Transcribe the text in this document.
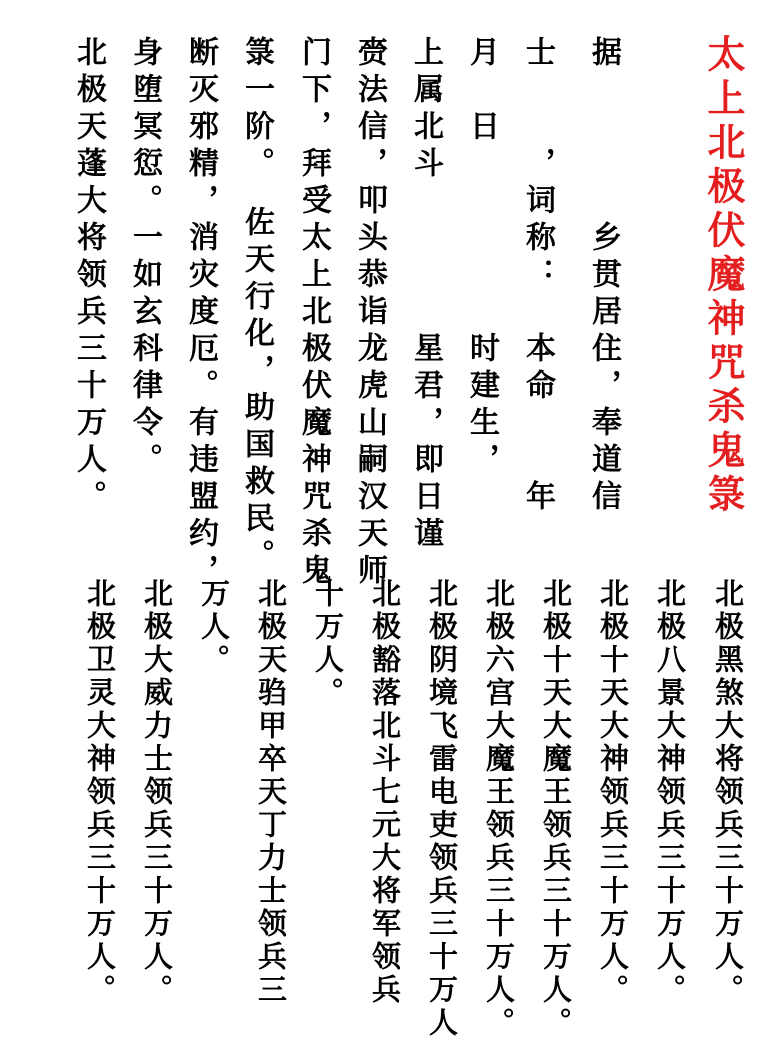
太上北极伏魔神咒杀鬼箓
据　　　　乡贯居住，奉道信
士　　，词称：　本命　　年
月　日　　　　　时建生，
上属北斗　　　　星君，即日谨
赍法信，叩头恭诣龙虎山嗣汉天师
门下，拜受太上北极伏魔神咒杀鬼
箓一阶。　佐天行化，助国救民。
断灭邪精，消灾度厄。有违盟约，
身堕冥愆。一如玄科律令。
北极天蓬大将领兵三十万人。
北极黑煞大将领兵三十万人。
北极八景大神领兵三十万人。
北极十天大神领兵三十万人。
北极十天大魔王领兵三十万人。
北极六宫大魔王领兵三十万人。
北极阴境飞雷电吏领兵三十万人
北极豁落北斗七元大将军领兵
十万人。
北极天驺甲卒天丁力士领兵三
万人。
北极大威力士领兵三十万人。
北极卫灵大神领兵三十万人。
